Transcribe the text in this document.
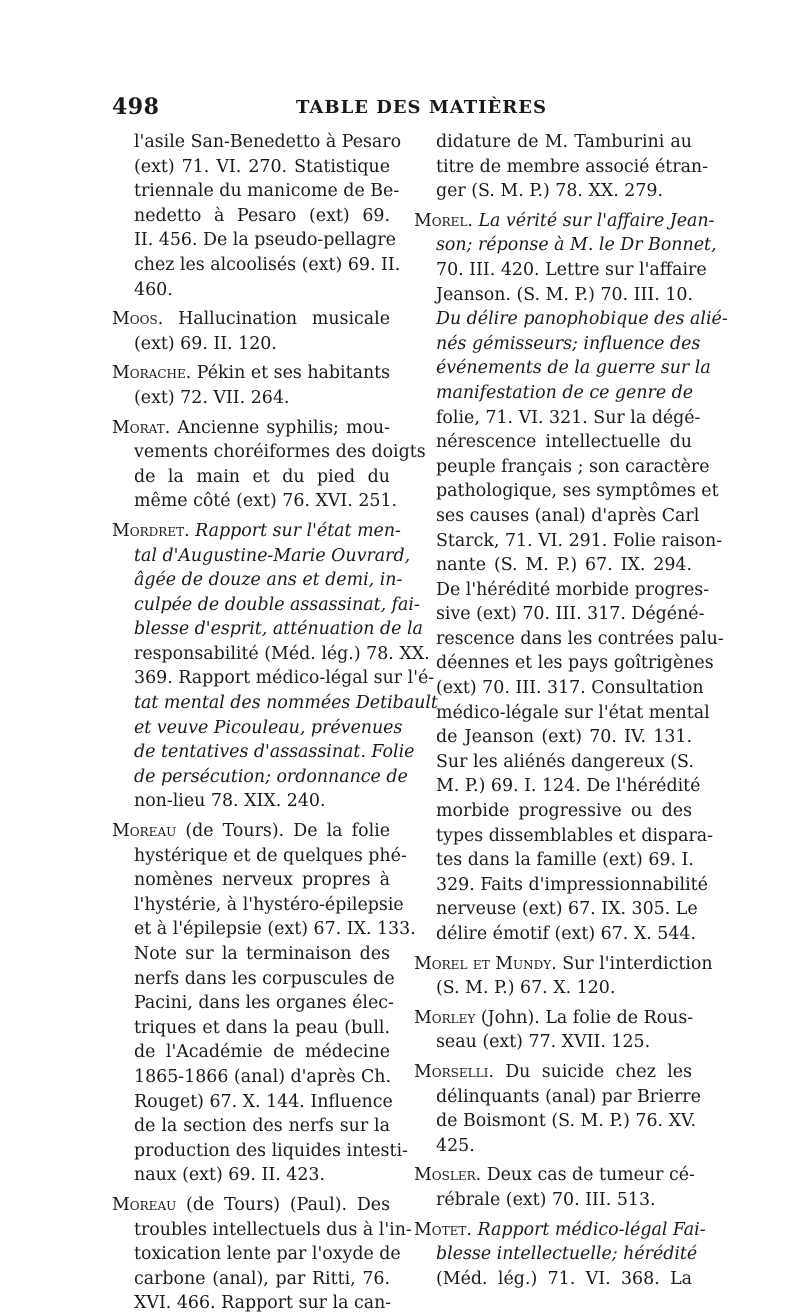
498	TABLE DES MATIÈRES
l'asile San-Benedetto à Pesaro
(ext) 71. VI. 270. Statistique
triennale du manicome de Be-
nedetto à Pesaro (ext) 69.
II. 456. De la pseudo-pellagre
chez les alcoolisés (ext) 69. II.
460.
Moos. Hallucination musicale
(ext) 69. II. 120.
Morache. Pékin et ses habitants
(ext) 72. VII. 264.
Morat. Ancienne syphilis; mou-
vements choréiformes des doigts
de la main et du pied du
même côté (ext) 76. XVI. 251.
Mordret. Rapport sur l'état men-
tal d'Augustine-Marie Ouvrard,
âgée de douze ans et demi, in-
culpée de double assassinat, fai-
blesse d'esprit, atténuation de la
responsabilité (Méd. lég.) 78. XX.
369. Rapport médico-légal sur l'é-
tat mental des nommées Detibault
et veuve Picouleau, prévenues
de tentatives d'assassinat. Folie
de persécution; ordonnance de
non-lieu 78. XIX. 240.
Moreau (de Tours). De la folie
hystérique et de quelques phé-
nomènes nerveux propres à
l'hystérie, à l'hystéro-épilepsie
et à l'épilepsie (ext) 67. IX. 133.
Note sur la terminaison des
nerfs dans les corpuscules de
Pacini, dans les organes élec-
triques et dans la peau (bull.
de l'Académie de médecine
1865-1866 (anal) d'après Ch.
Rouget) 67. X. 144. Influence
de la section des nerfs sur la
production des liquides intesti-
naux (ext) 69. II. 423.
Moreau (de Tours) (Paul). Des
troubles intellectuels dus à l'in-
toxication lente par l'oxyde de
carbone (anal), par Ritti, 76.
XVI. 466. Rapport sur la can-
didature de M. Tamburini au
titre de membre associé étran-
ger (S. M. P.) 78. XX. 279.
Morel. La vérité sur l'affaire Jean-
son; réponse à M. le Dr Bonnet,
70. III. 420. Lettre sur l'affaire
Jeanson. (S. M. P.) 70. III. 10.
Du délire panophobique des alié-
nés gémisseurs; influence des
événements de la guerre sur la
manifestation de ce genre de
folie, 71. VI. 321. Sur la dégé-
nérescence intellectuelle du
peuple français ; son caractère
pathologique, ses symptômes et
ses causes (anal) d'après Carl
Starck, 71. VI. 291. Folie raison-
nante (S. M. P.) 67. IX. 294.
De l'hérédité morbide progres-
sive (ext) 70. III. 317. Dégéné-
rescence dans les contrées palu-
déennes et les pays goîtrigènes
(ext) 70. III. 317. Consultation
médico-légale sur l'état mental
de Jeanson (ext) 70. IV. 131.
Sur les aliénés dangereux (S.
M. P.) 69. I. 124. De l'hérédité
morbide progressive ou des
types dissemblables et dispara-
tes dans la famille (ext) 69. I.
329. Faits d'impressionnabilité
nerveuse (ext) 67. IX. 305. Le
délire émotif (ext) 67. X. 544.
Morel et Mundy. Sur l'interdiction
(S. M. P.) 67. X. 120.
Morley (John). La folie de Rous-
seau (ext) 77. XVII. 125.
Morselli. Du suicide chez les
délinquants (anal) par Brierre
de Boismont (S. M. P.) 76. XV.
425.
Mosler. Deux cas de tumeur cé-
rébrale (ext) 70. III. 513.
Motet. Rapport médico-légal Fai-
blesse intellectuelle; hérédité
(Méd. lég.) 71. VI. 368. La
